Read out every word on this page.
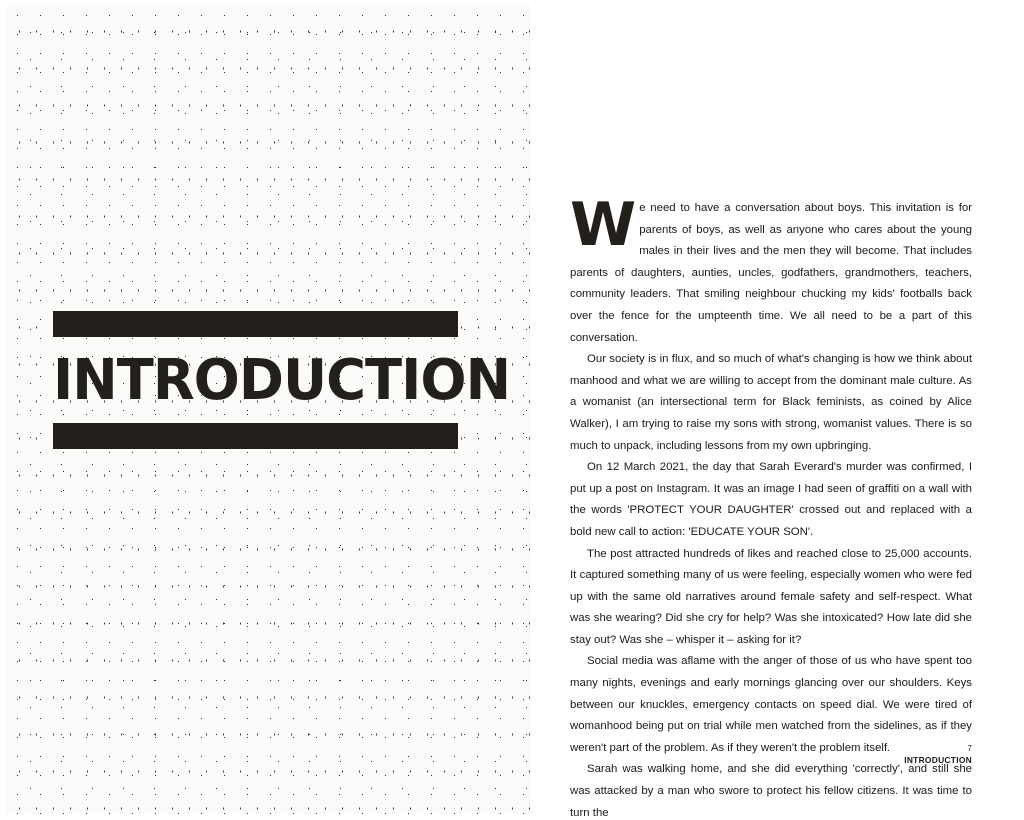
INTRODUCTION

We need to have a conversation about boys. This invitation is for parents of boys, as well as anyone who cares about the young males in their lives and the men they will become. That includes parents of daughters, aunties, uncles, godfathers, grandmothers, teachers, community leaders. That smiling neighbour chucking my kids' footballs back over the fence for the umpteenth time. We all need to be a part of this conversation.

Our society is in flux, and so much of what's changing is how we think about manhood and what we are willing to accept from the dominant male culture. As a womanist (an intersectional term for Black feminists, as coined by Alice Walker), I am trying to raise my sons with strong, womanist values. There is so much to unpack, including lessons from my own upbringing.

On 12 March 2021, the day that Sarah Everard's murder was confirmed, I put up a post on Instagram. It was an image I had seen of graffiti on a wall with the words 'PROTECT YOUR DAUGHTER' crossed out and replaced with a bold new call to action: 'EDUCATE YOUR SON'.

The post attracted hundreds of likes and reached close to 25,000 accounts. It captured something many of us were feeling, especially women who were fed up with the same old narratives around female safety and self-respect. What was she wearing? Did she cry for help? Was she intoxicated? How late did she stay out? Was she – whisper it – asking for it?

Social media was aflame with the anger of those of us who have spent too many nights, evenings and early mornings glancing over our shoulders. Keys between our knuckles, emergency contacts on speed dial. We were tired of womanhood being put on trial while men watched from the sidelines, as if they weren't part of the problem. As if they weren't the problem itself.

Sarah was walking home, and she did everything 'correctly', and still she was attacked by a man who swore to protect his fellow citizens. It was time to turn the

7
INTRODUCTION
